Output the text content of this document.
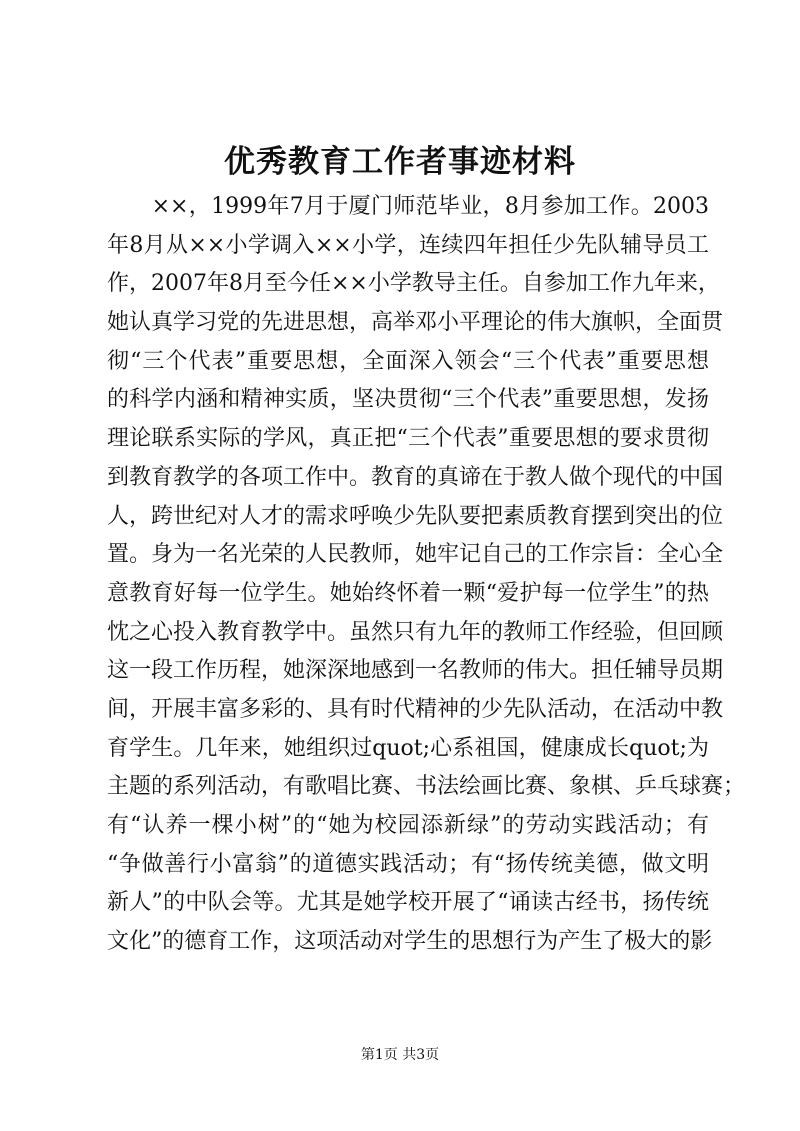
优秀教育工作者事迹材料
　　××，1999年7月于厦门师范毕业，8月参加工作。2003
年8月从××小学调入××小学，连续四年担任少先队辅导员工
作，2007年8月至今任××小学教导主任。自参加工作九年来，
她认真学习党的先进思想，高举邓小平理论的伟大旗帜，全面贯
彻“三个代表”重要思想，全面深入领会“三个代表”重要思想
的科学内涵和精神实质，坚决贯彻“三个代表”重要思想，发扬
理论联系实际的学风，真正把“三个代表”重要思想的要求贯彻
到教育教学的各项工作中。教育的真谛在于教人做个现代的中国
人，跨世纪对人才的需求呼唤少先队要把素质教育摆到突出的位
置。身为一名光荣的人民教师，她牢记自己的工作宗旨：全心全
意教育好每一位学生。她始终怀着一颗“爱护每一位学生”的热
忱之心投入教育教学中。虽然只有九年的教师工作经验，但回顾
这一段工作历程，她深深地感到一名教师的伟大。担任辅导员期
间，开展丰富多彩的、具有时代精神的少先队活动，在活动中教
育学生。几年来，她组织过quot;心系祖国，健康成长quot;为
主题的系列活动，有歌唱比赛、书法绘画比赛、象棋、乒乓球赛；
有“认养一棵小树”的“她为校园添新绿”的劳动实践活动；有
“争做善行小富翁”的道德实践活动；有“扬传统美德，做文明
新人”的中队会等。尤其是她学校开展了“诵读古经书，扬传统
文化”的德育工作，这项活动对学生的思想行为产生了极大的影
第1页 共3页
